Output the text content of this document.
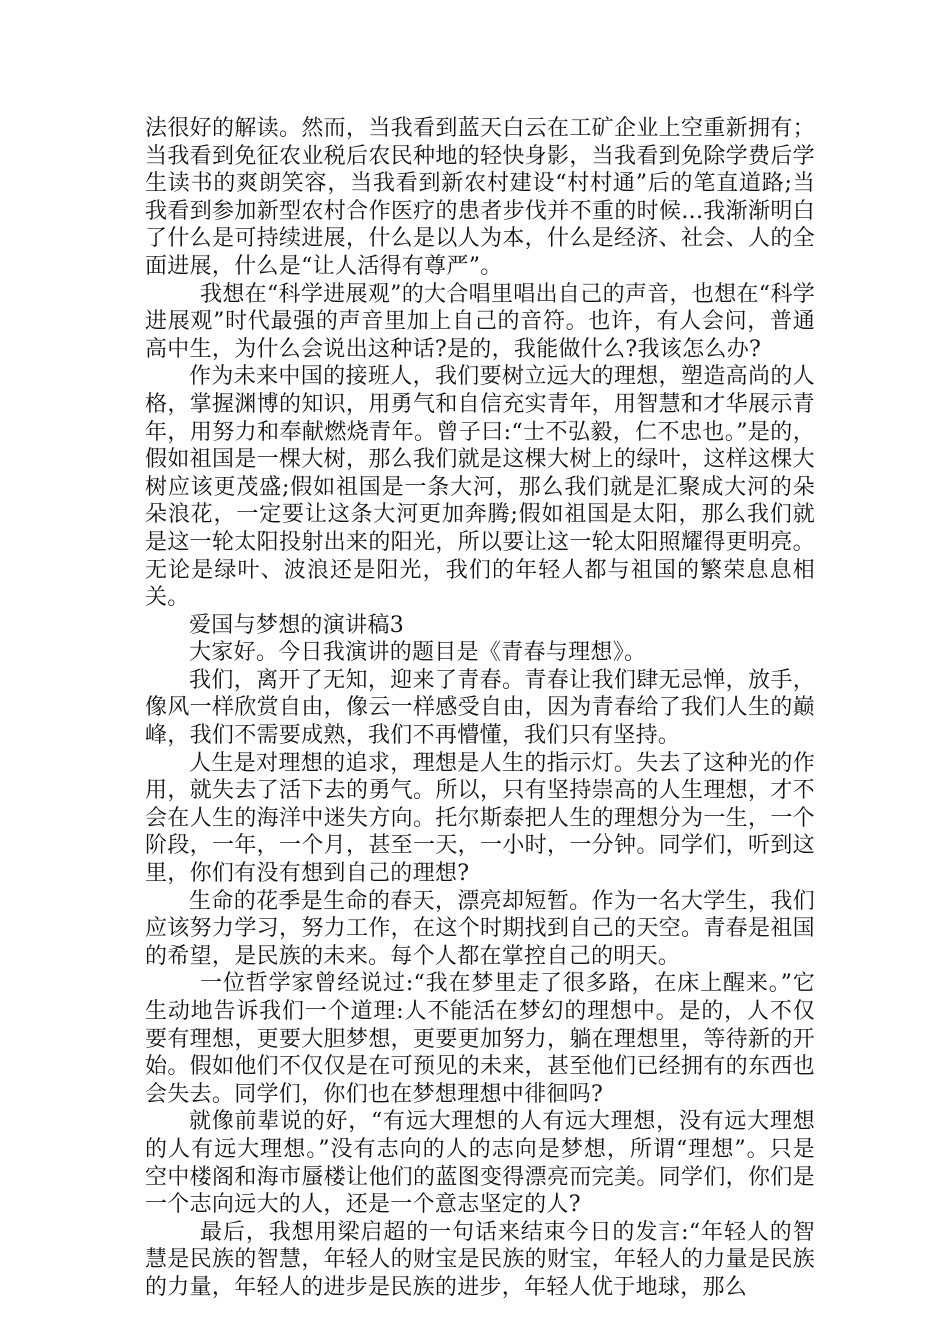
法很好的解读。然而，当我看到蓝天白云在工矿企业上空重新拥有；当我看到免征农业税后农民种地的轻快身影，当我看到免除学费后学生读书的爽朗笑容，当我看到新农村建设“村村通”后的笔直道路;当我看到参加新型农村合作医疗的患者步伐并不重的时候...我渐渐明白了什么是可持续进展，什么是以人为本，什么是经济、社会、人的全面进展，什么是“让人活得有尊严”。

我想在“科学进展观”的大合唱里唱出自己的声音，也想在“科学进展观”时代最强的声音里加上自己的音符。也许，有人会问，普通高中生，为什么会说出这种话?是的，我能做什么?我该怎么办?

作为未来中国的接班人，我们要树立远大的理想，塑造高尚的人格，掌握渊博的知识，用勇气和自信充实青年，用智慧和才华展示青年，用努力和奉献燃烧青年。曾子曰:“士不弘毅，仁不忠也。”是的，假如祖国是一棵大树，那么我们就是这棵大树上的绿叶，这样这棵大树应该更茂盛;假如祖国是一条大河，那么我们就是汇聚成大河的朵朵浪花，一定要让这条大河更加奔腾;假如祖国是太阳，那么我们就是这一轮太阳投射出来的阳光，所以要让这一轮太阳照耀得更明亮。无论是绿叶、波浪还是阳光，我们的年轻人都与祖国的繁荣息息相关。

爱国与梦想的演讲稿3

大家好。今日我演讲的题目是《青春与理想》。

我们，离开了无知，迎来了青春。青春让我们肆无忌惮，放手，像风一样欣赏自由，像云一样感受自由，因为青春给了我们人生的巅峰，我们不需要成熟，我们不再懵懂，我们只有坚持。

人生是对理想的追求，理想是人生的指示灯。失去了这种光的作用，就失去了活下去的勇气。所以，只有坚持崇高的人生理想，才不会在人生的海洋中迷失方向。托尔斯泰把人生的理想分为一生，一个阶段，一年，一个月，甚至一天，一小时，一分钟。同学们，听到这里，你们有没有想到自己的理想?

生命的花季是生命的春天，漂亮却短暂。作为一名大学生，我们应该努力学习，努力工作，在这个时期找到自己的天空。青春是祖国的希望，是民族的未来。每个人都在掌控自己的明天。

一位哲学家曾经说过:“我在梦里走了很多路，在床上醒来。”它生动地告诉我们一个道理:人不能活在梦幻的理想中。是的，人不仅要有理想，更要大胆梦想，更要更加努力，躺在理想里，等待新的开始。假如他们不仅仅是在可预见的未来，甚至他们已经拥有的东西也会失去。同学们，你们也在梦想理想中徘徊吗?

就像前辈说的好，“有远大理想的人有远大理想，没有远大理想的人有远大理想。”没有志向的人的志向是梦想，所谓“理想”。只是空中楼阁和海市蜃楼让他们的蓝图变得漂亮而完美。同学们，你们是一个志向远大的人，还是一个意志坚定的人?

最后，我想用梁启超的一句话来结束今日的发言:“年轻人的智慧是民族的智慧，年轻人的财宝是民族的财宝，年轻人的力量是民族的力量，年轻人的进步是民族的进步，年轻人优于地球，那么
